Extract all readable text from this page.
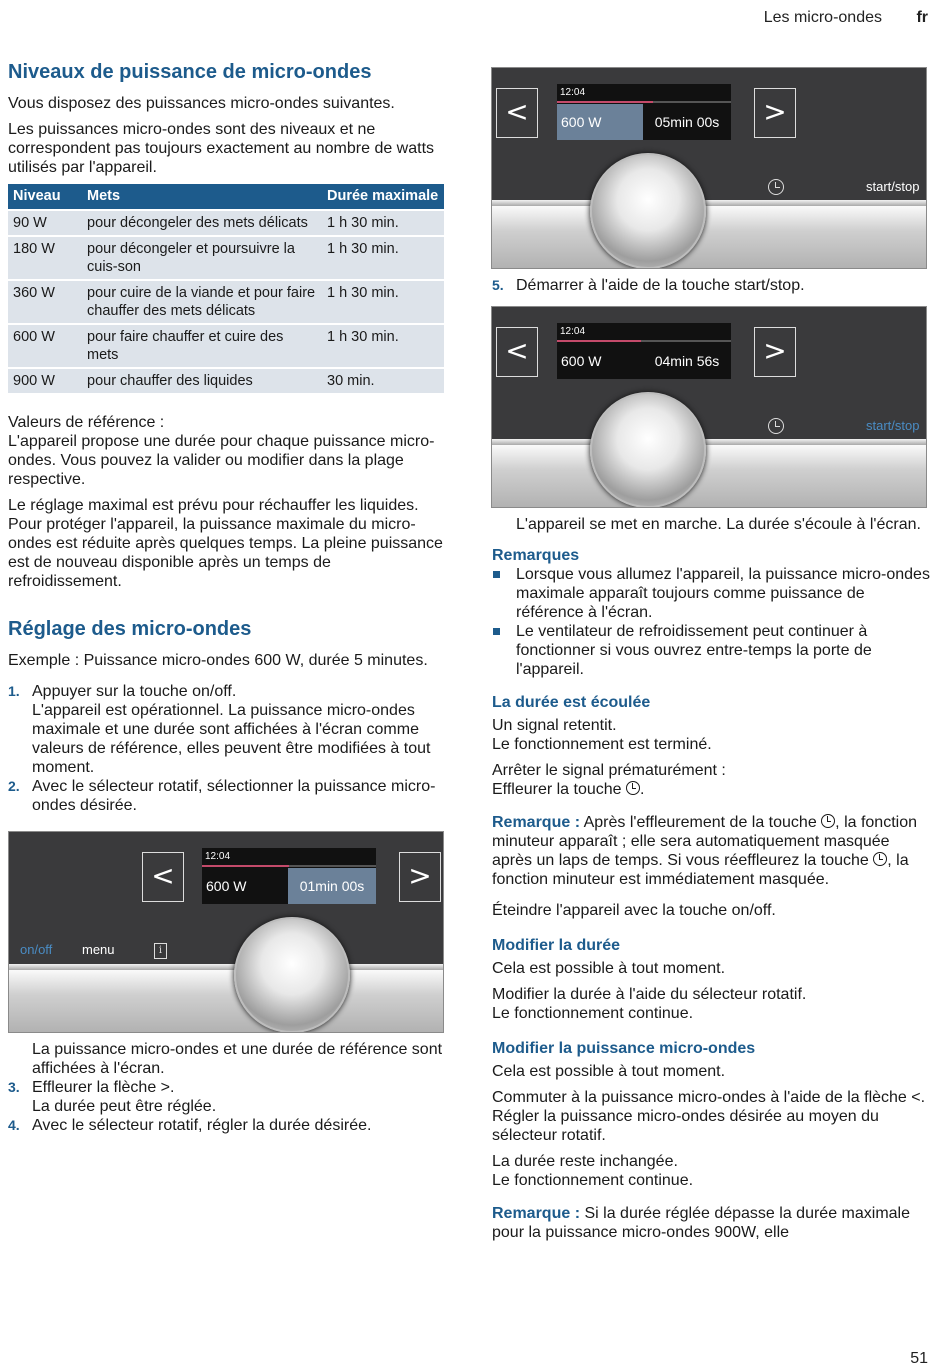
Les micro-ondes fr
Niveaux de puissance de micro-ondes

Vous disposez des puissances micro-ondes suivantes.

Les puissances micro-ondes sont des niveaux et ne correspondent pas toujours exactement au nombre de watts utilisés par l'appareil.

Niveau	Mets	Durée maximale
90 W	pour décongeler des mets délicats	1 h 30 min.
180 W	pour décongeler et poursuivre la cuis-son	1 h 30 min.
360 W	pour cuire de la viande et pour faire chauffer des mets délicats	1 h 30 min.
600 W	pour faire chauffer et cuire des mets	1 h 30 min.
900 W	pour chauffer des liquides	30 min.

Valeurs de référence :

L'appareil propose une durée pour chaque puissance micro-ondes. Vous pouvez la valider ou modifier dans la plage respective.

Le réglage maximal est prévu pour réchauffer les liquides. Pour protéger l'appareil, la puissance maximale du micro-ondes est réduite après quelques temps. La pleine puissance est de nouveau disponible après un temps de refroidissement.

Réglage des micro-ondes

Exemple : Puissance micro-ondes 600 W, durée 5 minutes.

1. Appuyer sur la touche on/off.
L'appareil est opérationnel. La puissance micro-ondes maximale et une durée sont affichées à l'écran comme valeurs de référence, elles peuvent être modifiées à tout moment.
2. Avec le sélecteur rotatif, sélectionner la puissance micro-ondes désirée.
<
12:04
600 W	01min 00s	>
on/off menu	i
La puissance micro-ondes et une durée de référence sont affichées à l'écran.
3. Effleurer la flèche >.
La durée peut être réglée.
4. Avec le sélecteur rotatif, régler la durée désirée.
<
12:04
600 W	05min 00s	>
start/stop
5. Démarrer à l'aide de la touche start/stop.
<
12:04
600 W	04min 56s	>
start/stop

L'appareil se met en marche. La durée s'écoule à l'écran.

Remarques
Lorsque vous allumez l'appareil, la puissance micro-ondes maximale apparaît toujours comme puissance de référence à l'écran.
Le ventilateur de refroidissement peut continuer à fonctionner si vous ouvrez entre-temps la porte de l'appareil.
La durée est écoulée

Un signal retentit.

Le fonctionnement est terminé.

Arrêter le signal prématurément :

Effleurer la touche .

Remarque : Après l'effleurement de la touche , la fonction minuteur apparaît ; elle sera automatiquement masquée après un laps de temps. Si vous réeffleurez la touche , la fonction minuteur est immédiatement masquée.

Éteindre l'appareil avec la touche on/off.

Modifier la durée

Cela est possible à tout moment.

Modifier la durée à l'aide du sélecteur rotatif.

Le fonctionnement continue.

Modifier la puissance micro-ondes

Cela est possible à tout moment.

Commuter à la puissance micro-ondes à l'aide de la flèche <.

Régler la puissance micro-ondes désirée au moyen du sélecteur rotatif.

La durée reste inchangée.

Le fonctionnement continue.

Remarque : Si la durée réglée dépasse la durée maximale pour la puissance micro-ondes 900W, elle

51
